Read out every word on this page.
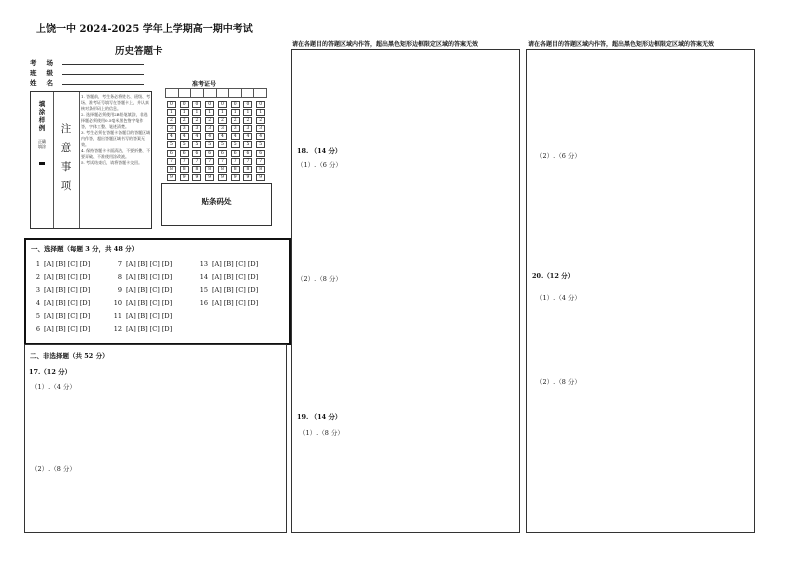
上饶一中 2024-2025 学年上学期高一期中考试
历史答题卡
考场
班级
姓名
填涂样例
正确填涂
注意事项

1. 答题前，考生务必将姓名、班级、考场、准考证号填写在答题卡上，并认真核对条形码上的信息。

2. 选择题必须使用2B铅笔填涂，非选择题必须使用0.5毫米黑色签字笔作答，字体工整、笔迹清楚。

3. 考生必须在答题卡各题目的答题区域内作答，超出答题区域书写的答案无效。

4. 保持答题卡卡面清洁，不要折叠、不要弄破、不准使用涂改液。

5. 考试结束后，请将答题卡交回。

准考证号
0	0	0	0	0	0	0	0
1	1	1	1	1	1	1	1
2	2	2	2	2	2	2	2
3	3	3	3	3	3	3	3
4	4	4	4	4	4	4	4
5	5	5	5	5	5	5	5
6	6	6	6	6	6	6	6
7	7	7	7	7	7	7	7
8	8	8	8	8	8	8	8
9	9	9	9	9	9	9	9
贴条码处
一、选择题（每题 3 分，共 48 分）
1 [A] [B] [C] [D]
2 [A] [B] [C] [D]
3 [A] [B] [C] [D]
4 [A] [B] [C] [D]
5 [A] [B] [C] [D]
6 [A] [B] [C] [D]
7 [A] [B] [C] [D]
8 [A] [B] [C] [D]
9 [A] [B] [C] [D]
10 [A] [B] [C] [D]
11 [A] [B] [C] [D]
12 [A] [B] [C] [D]
13 [A] [B] [C] [D]
14 [A] [B] [C] [D]
15 [A] [B] [C] [D]
16 [A] [B] [C] [D]
二、非选择题（共 52 分）
17.（12 分）
（1）.（4 分）
（2）.（8 分）
请在各题目的答题区域内作答，超出黑色矩形边框限定区域的答案无效
18. （14 分）
（1）.（6 分）
（2）.（8 分）
19. （14 分）
（1）.（8 分）
请在各题目的答题区域内作答，超出黑色矩形边框限定区域的答案无效
（2）.（6 分）
20.（12 分）
（1）.（4 分）
（2）.（8 分）
